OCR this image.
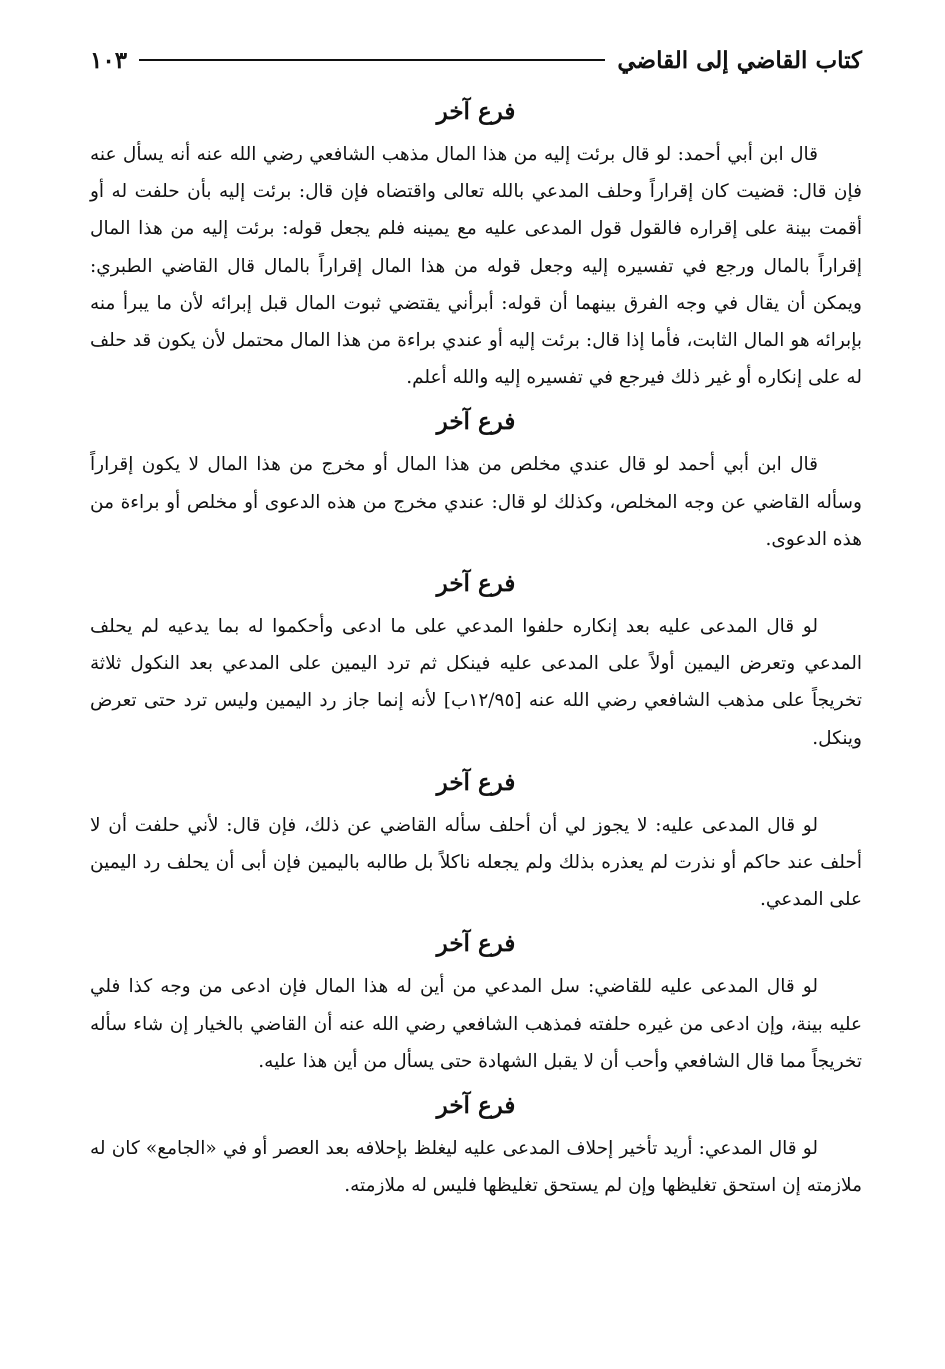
كتاب القاضي إلى القاضي
١٠٣
فرع آخر

قال ابن أبي أحمد: لو قال برئت إليه من هذا المال مذهب الشافعي رضي الله عنه أنه يسأل عنه فإن قال: قضيت كان إقراراً وحلف المدعي بالله تعالى واقتضاه فإن قال: برئت إليه بأن حلفت له أو أقمت بينة على إقراره فالقول قول المدعى عليه مع يمينه فلم يجعل قوله: برئت إليه من هذا المال إقراراً بالمال ورجع في تفسيره إليه وجعل قوله من هذا المال إقراراً بالمال قال القاضي الطبري: ويمكن أن يقال في وجه الفرق بينهما أن قوله: أبرأني يقتضي ثبوت المال قبل إبرائه لأن ما يبرأ منه بإبرائه هو المال الثابت، فأما إذا قال: برئت إليه أو عندي براءة من هذا المال محتمل لأن يكون قد حلف له على إنكاره أو غير ذلك فيرجع في تفسيره إليه والله أعلم.

فرع آخر

قال ابن أبي أحمد لو قال عندي مخلص من هذا المال أو مخرج من هذا المال لا يكون إقراراً وسأله القاضي عن وجه المخلص، وكذلك لو قال: عندي مخرج من هذه الدعوى أو مخلص أو براءة من هذه الدعوى.

فرع آخر

لو قال المدعى عليه بعد إنكاره حلفوا المدعي على ما ادعى وأحكموا له بما يدعيه لم يحلف المدعي وتعرض اليمين أولاً على المدعى عليه فينكل ثم ترد اليمين على المدعي بعد النكول ثلاثة تخريجاً على مذهب الشافعي رضي الله عنه [١٢/٩٥ب] لأنه إنما جاز رد اليمين وليس ترد حتى تعرض وينكل.

فرع آخر

لو قال المدعى عليه: لا يجوز لي أن أحلف سأله القاضي عن ذلك، فإن قال: لأني حلفت أن لا أحلف عند حاكم أو نذرت لم يعذره بذلك ولم يجعله ناكلاً بل طالبه باليمين فإن أبى أن يحلف رد اليمين على المدعي.

فرع آخر

لو قال المدعى عليه للقاضي: سل المدعي من أين له هذا المال فإن ادعى من وجه كذا فلي عليه بينة، وإن ادعى من غيره حلفته فمذهب الشافعي رضي الله عنه أن القاضي بالخيار إن شاء سأله تخريجاً مما قال الشافعي وأحب أن لا يقبل الشهادة حتى يسأل من أين هذا عليه.

فرع آخر

لو قال المدعي: أريد تأخير إحلاف المدعى عليه ليغلظ بإحلافه بعد العصر أو في «الجامع» كان له ملازمته إن استحق تغليظها وإن لم يستحق تغليظها فليس له ملازمته.
